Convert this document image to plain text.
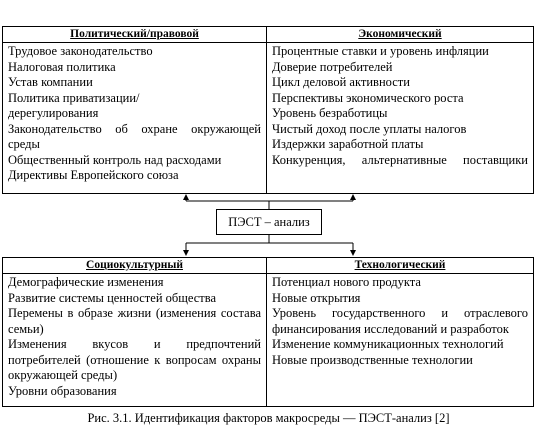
Политический/правовой
Трудовое законодательство
Налоговая политика
Устав компании
Политика приватизации/дерегулирования
Законодательство об охране окружающей среды
Общественный контроль над расходами
Директивы Европейского союза
Экономический
Процентные ставки и уровень инфляции
Доверие потребителей
Цикл деловой активности
Перспективы экономического роста
Уровень безработицы
Чистый доход после уплаты налогов
Издержки заработной платы
Конкуренция, альтернативные поставщики
ПЭСТ – анализ
Социокультурный
Демографические изменения
Развитие системы ценностей общества
Перемены в образе жизни (изменения состава семьи)
Изменения вкусов и предпочтений потребителей (отношение к вопросам охраны окружающей среды)
Уровни образования
Технологический
Потенциал нового продукта
Новые открытия
Уровень государственного и отраслевого финансирования исследований и разработок
Изменение коммуникационных технологий
Новые производственные технологии
Рис. 3.1. Идентификация факторов макросреды — ПЭСТ-анализ [2]
